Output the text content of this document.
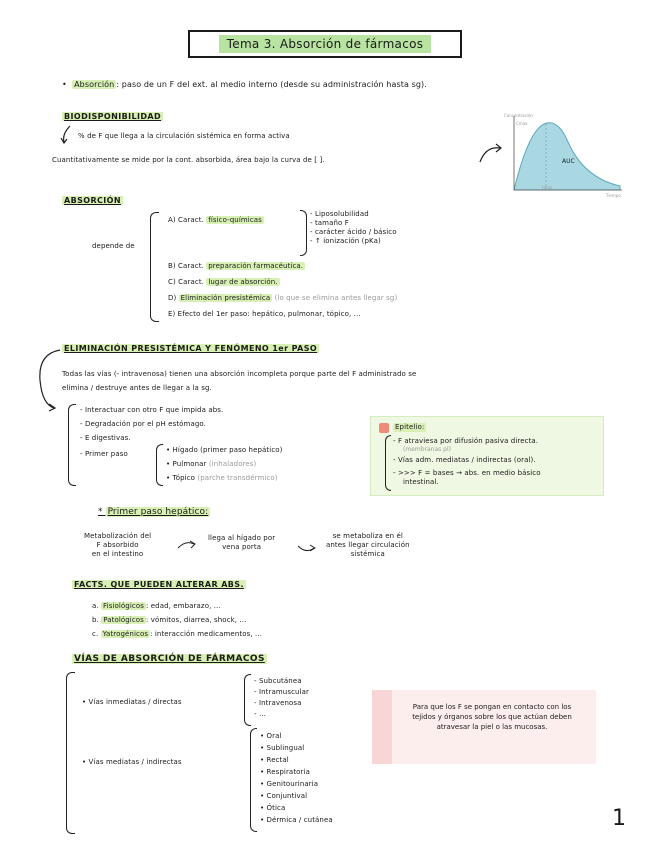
Tema 3. Absorción de fármacos
•  Absorción : paso de un F del ext. al medio interno (desde su administración hasta sg).
BIODISPONIBILIDAD
% de F que llega a la circulación sistémica en forma activa
Cuantitativamente se mide por la cont. absorbida, área bajo la curva de [ ].
Concentración
Cmax
AUC
tmax
Tiempo
ABSORCIÓN
depende de
A) Caract. físico-químicas
- Liposolubilidad
- tamaño F
- carácter ácido / básico
- ↑ ionización (pKa)
B) Caract. preparación farmacéutica.
C) Caract. lugar de absorción.
D) Eliminación presistémica (lo que se elimina antes llegar sg)
E) Efecto del 1er paso: hepático, pulmonar, tópico, ...
ELIMINACIÓN PRESISTÉMICA Y FENÓMENO 1er PASO
Todas las vías (- intravenosa) tienen una absorción incompleta porque parte del F administrado se
elimina / destruye antes de llegar a la sg.
- Interactuar con otro F que impida abs.
- Degradación por el pH estómago.
- E digestivas.
- Primer paso	• Hígado (primer paso hepático)
• Pulmonar (inhaladores)
• Tópico (parche transdérmico)
Epitelio:
- F atraviesa por difusión pasiva directa.
(membranas pl)
- Vías adm. mediatas / indirectas (oral).
- >>> F = bases → abs. en medio básico
intestinal.
* Primer paso hepático:
Metabolización del
F absorbido
en el intestino
llega al hígado por
vena porta
se metaboliza en él
antes llegar circulación
sistémica
FACTS. QUE PUEDEN ALTERAR ABS.
a. Fisiológicos : edad, embarazo, ...
b. Patológicos : vómitos, diarrea, shock, ...
c. Yatrogénicos : interacción medicamentos, ...
VÍAS DE ABSORCIÓN DE FÁRMACOS
• Vías inmediatas / directas
- Subcutánea
- Intramuscular
- Intravenosa
- ...
• Vías mediatas / indirectas
• Oral
• Sublingual
• Rectal
• Respiratoria
• Genitourinaria
• Conjuntival
• Ótica
• Dérmica / cutánea
Para que los F se pongan en contacto con los tejidos y órganos sobre los que actúan deben atravesar la piel o las mucosas.
1
